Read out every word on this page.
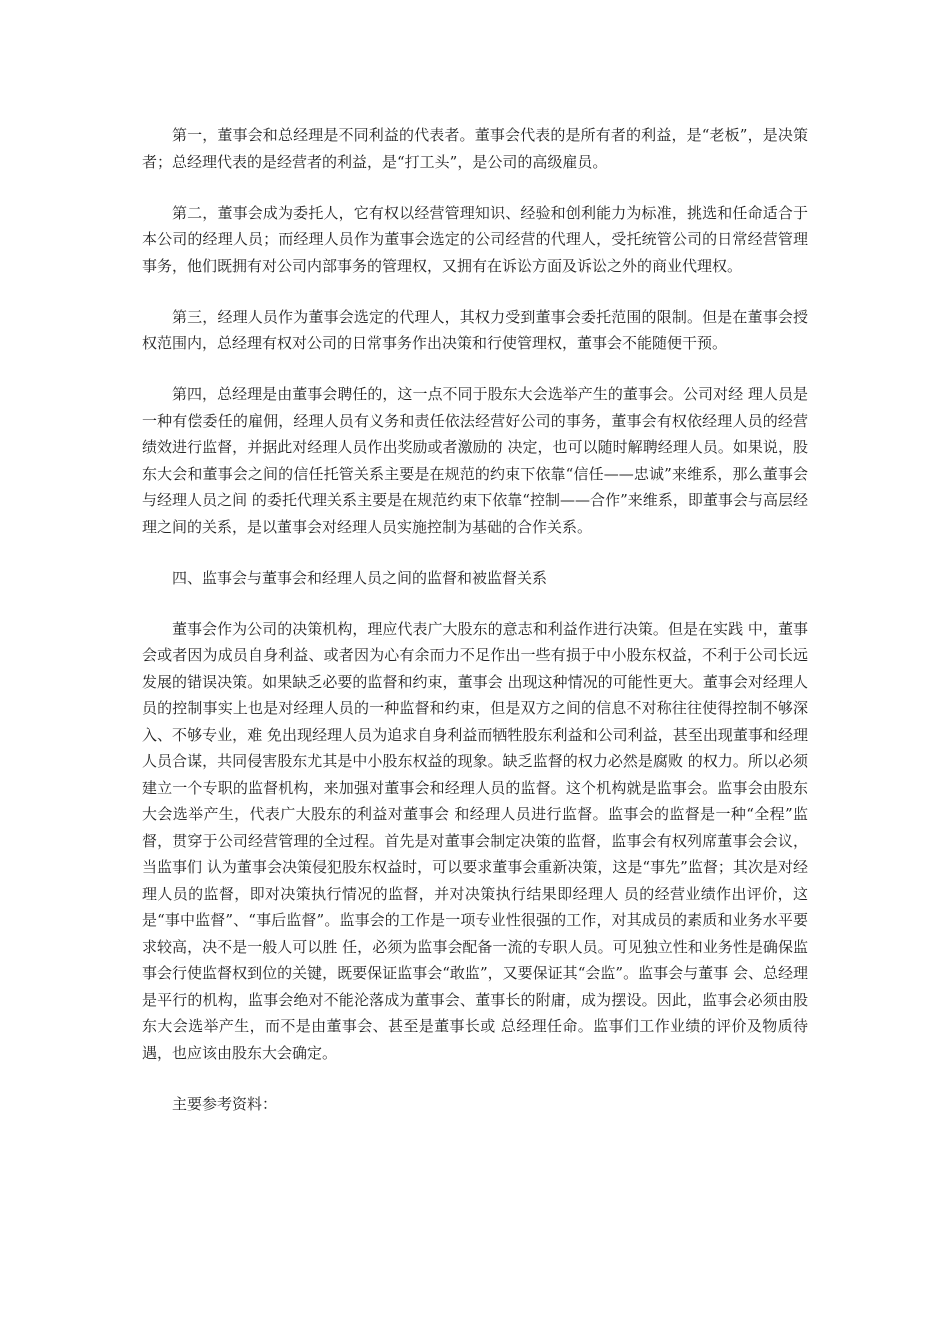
第一，董事会和总经理是不同利益的代表者。董事会代表的是所有者的利益，是“老板”，是决策者；总经理代表的是经营者的利益，是“打工头”，是公司的高级雇员。

第二，董事会成为委托人，它有权以经营管理知识、经验和创利能力为标准，挑选和任命适合于本公司的经理人员；而经理人员作为董事会选定的公司经营的代理人，受托统管公司的日常经营管理事务，他们既拥有对公司内部事务的管理权，又拥有在诉讼方面及诉讼之外的商业代理权。

第三，经理人员作为董事会选定的代理人，其权力受到董事会委托范围的限制。但是在董事会授权范围内，总经理有权对公司的日常事务作出决策和行使管理权，董事会不能随便干预。

第四，总经理是由董事会聘任的，这一点不同于股东大会选举产生的董事会。公司对经 理人员是一种有偿委任的雇佣，经理人员有义务和责任依法经营好公司的事务，董事会有权依经理人员的经营绩效进行监督，并据此对经理人员作出奖励或者激励的 决定，也可以随时解聘经理人员。如果说，股东大会和董事会之间的信任托管关系主要是在规范的约束下依靠“信任——忠诚”来维系，那么董事会与经理人员之间 的委托代理关系主要是在规范约束下依靠“控制——合作”来维系，即董事会与高层经理之间的关系，是以董事会对经理人员实施控制为基础的合作关系。

四、监事会与董事会和经理人员之间的监督和被监督关系

董事会作为公司的决策机构，理应代表广大股东的意志和利益作进行决策。但是在实践 中，董事会或者因为成员自身利益、或者因为心有余而力不足作出一些有损于中小股东权益，不利于公司长远发展的错误决策。如果缺乏必要的监督和约束，董事会 出现这种情况的可能性更大。董事会对经理人员的控制事实上也是对经理人员的一种监督和约束，但是双方之间的信息不对称往往使得控制不够深入、不够专业，难 免出现经理人员为追求自身利益而牺牲股东利益和公司利益，甚至出现董事和经理人员合谋，共同侵害股东尤其是中小股东权益的现象。缺乏监督的权力必然是腐败 的权力。所以必须建立一个专职的监督机构，来加强对董事会和经理人员的监督。这个机构就是监事会。监事会由股东大会选举产生，代表广大股东的利益对董事会 和经理人员进行监督。监事会的监督是一种“全程”监督，贯穿于公司经营管理的全过程。首先是对董事会制定决策的监督，监事会有权列席董事会会议，当监事们 认为董事会决策侵犯股东权益时，可以要求董事会重新决策，这是“事先”监督；其次是对经理人员的监督，即对决策执行情况的监督，并对决策执行结果即经理人 员的经营业绩作出评价，这是“事中监督”、“事后监督”。监事会的工作是一项专业性很强的工作，对其成员的素质和业务水平要求较高，决不是一般人可以胜 任，必须为监事会配备一流的专职人员。可见独立性和业务性是确保监事会行使监督权到位的关键，既要保证监事会“敢监”，又要保证其“会监”。监事会与董事 会、总经理是平行的机构，监事会绝对不能沦落成为董事会、董事长的附庸，成为摆设。因此，监事会必须由股东大会选举产生，而不是由董事会、甚至是董事长或 总经理任命。监事们工作业绩的评价及物质待遇，也应该由股东大会确定。

主要参考资料：
